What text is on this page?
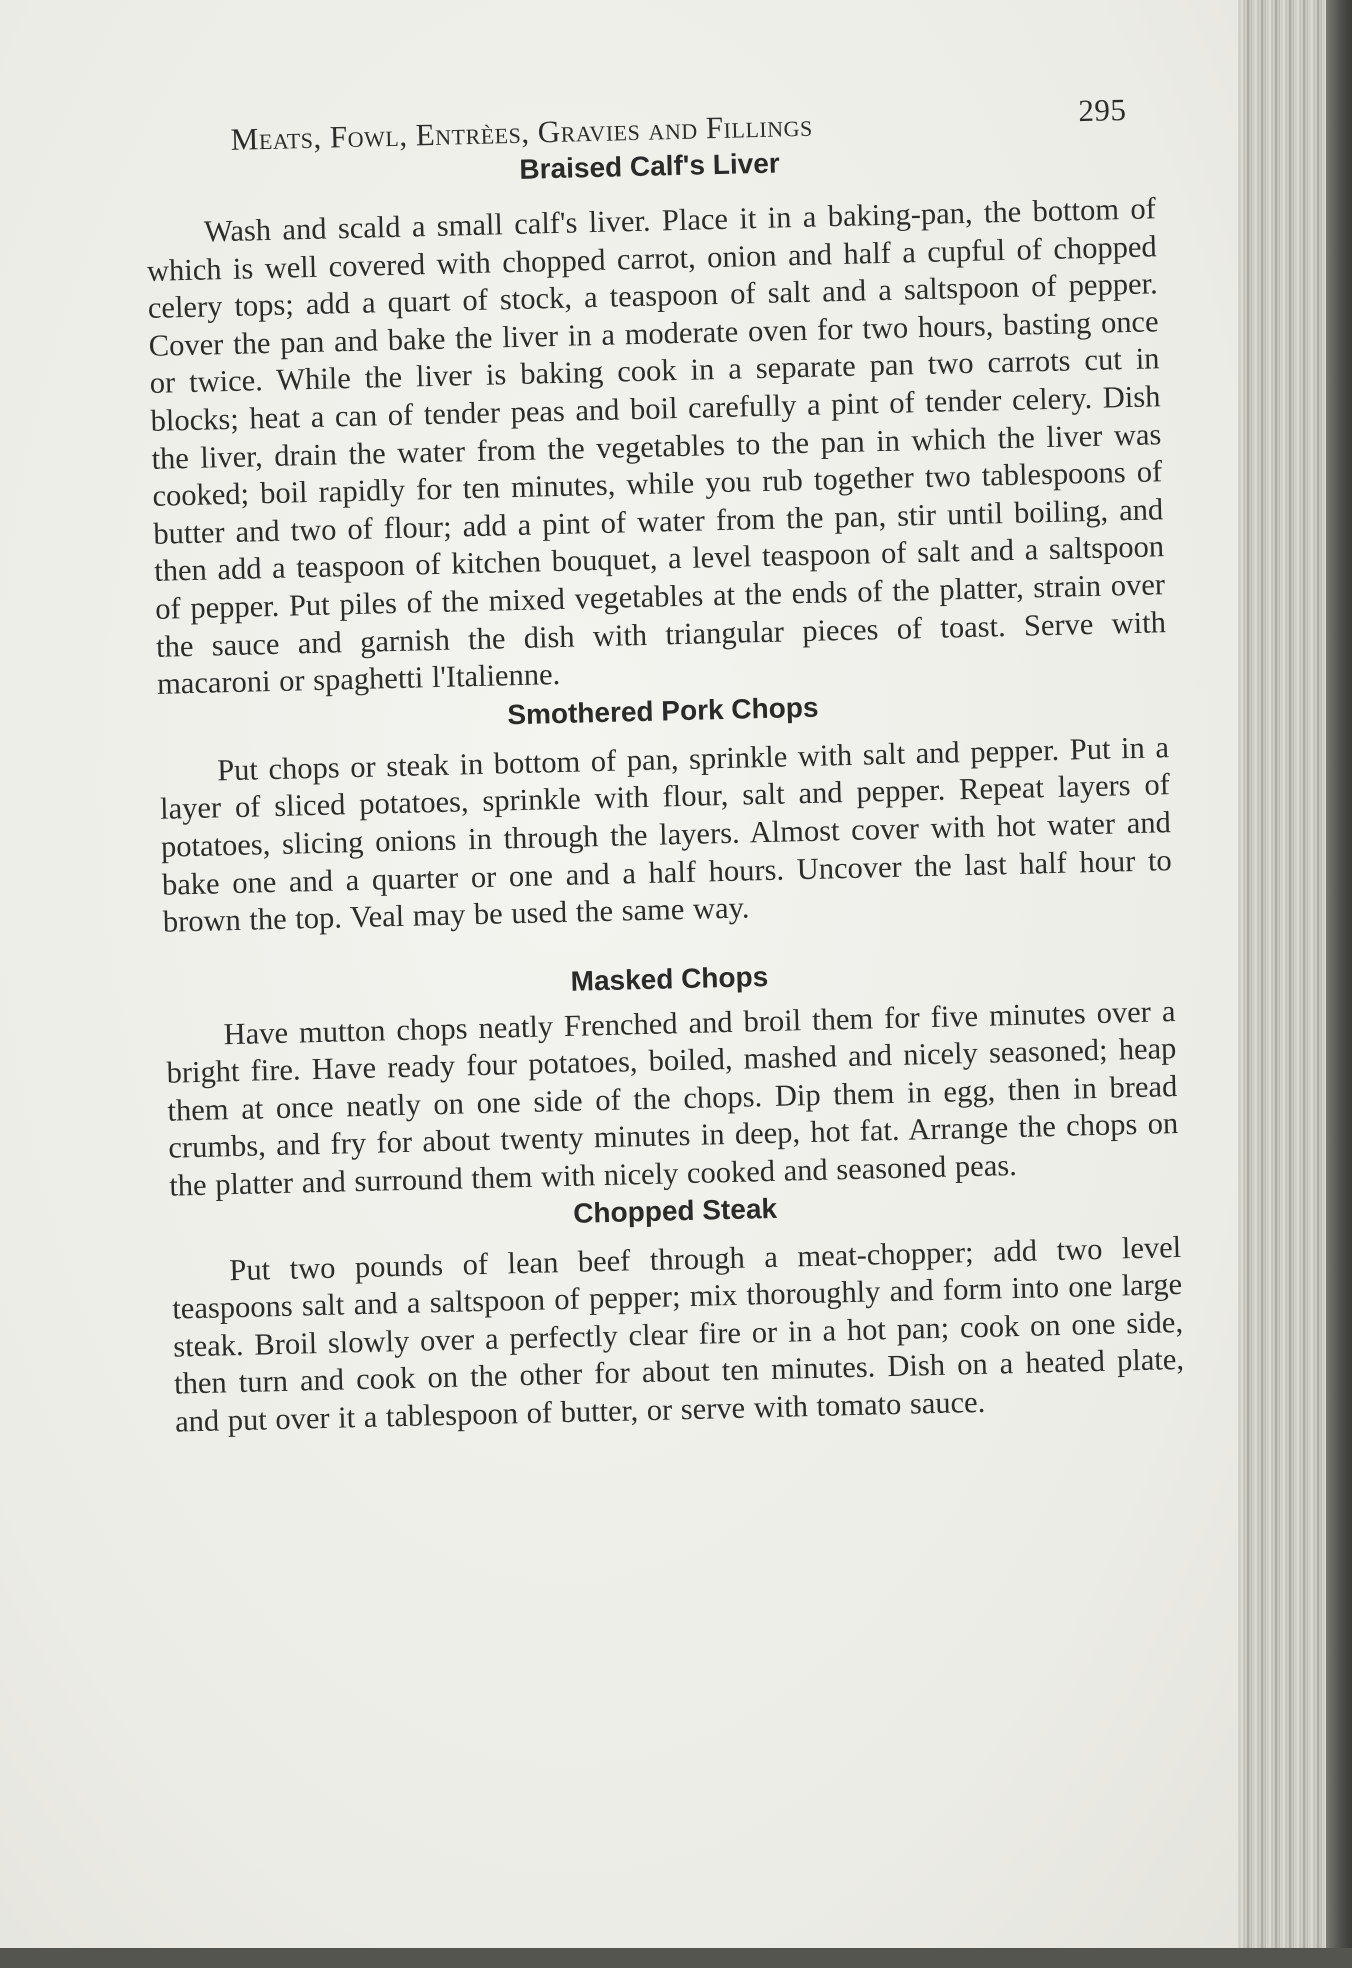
Meats, Fowl, Entrèes, Gravies and Fillings	295
Braised Calf's Liver

Wash and scald a small calf's liver. Place it in a baking-pan, the bottom of which is well covered with chopped carrot, onion and half a cupful of chopped celery tops; add a quart of stock, a teaspoon of salt and a saltspoon of pepper. Cover the pan and bake the liver in a moderate oven for two hours, basting once or twice. While the liver is baking cook in a separate pan two carrots cut in blocks; heat a can of tender peas and boil carefully a pint of tender celery. Dish the liver, drain the water from the vegetables to the pan in which the liver was cooked; boil rapidly for ten minutes, while you rub together two tablespoons of butter and two of flour; add a pint of water from the pan, stir until boiling, and then add a teaspoon of kitchen bouquet, a level teaspoon of salt and a saltspoon of pepper. Put piles of the mixed vegetables at the ends of the platter, strain over the sauce and garnish the dish with triangular pieces of toast. Serve with macaroni or spaghetti l'Italienne.

Smothered Pork Chops

Put chops or steak in bottom of pan, sprinkle with salt and pepper. Put in a layer of sliced potatoes, sprinkle with flour, salt and pepper. Repeat layers of potatoes, slicing onions in through the layers. Almost cover with hot water and bake one and a quarter or one and a half hours. Uncover the last half hour to brown the top. Veal may be used the same way.

Masked Chops

Have mutton chops neatly Frenched and broil them for five minutes over a bright fire. Have ready four potatoes, boiled, mashed and nicely seasoned; heap them at once neatly on one side of the chops. Dip them in egg, then in bread crumbs, and fry for about twenty minutes in deep, hot fat. Arrange the chops on the platter and surround them with nicely cooked and seasoned peas.

Chopped Steak

Put two pounds of lean beef through a meat-chopper; add two level teaspoons salt and a saltspoon of pepper; mix thoroughly and form into one large steak. Broil slowly over a perfectly clear fire or in a hot pan; cook on one side, then turn and cook on the other for about ten minutes. Dish on a heated plate, and put over it a tablespoon of butter, or serve with tomato sauce.
